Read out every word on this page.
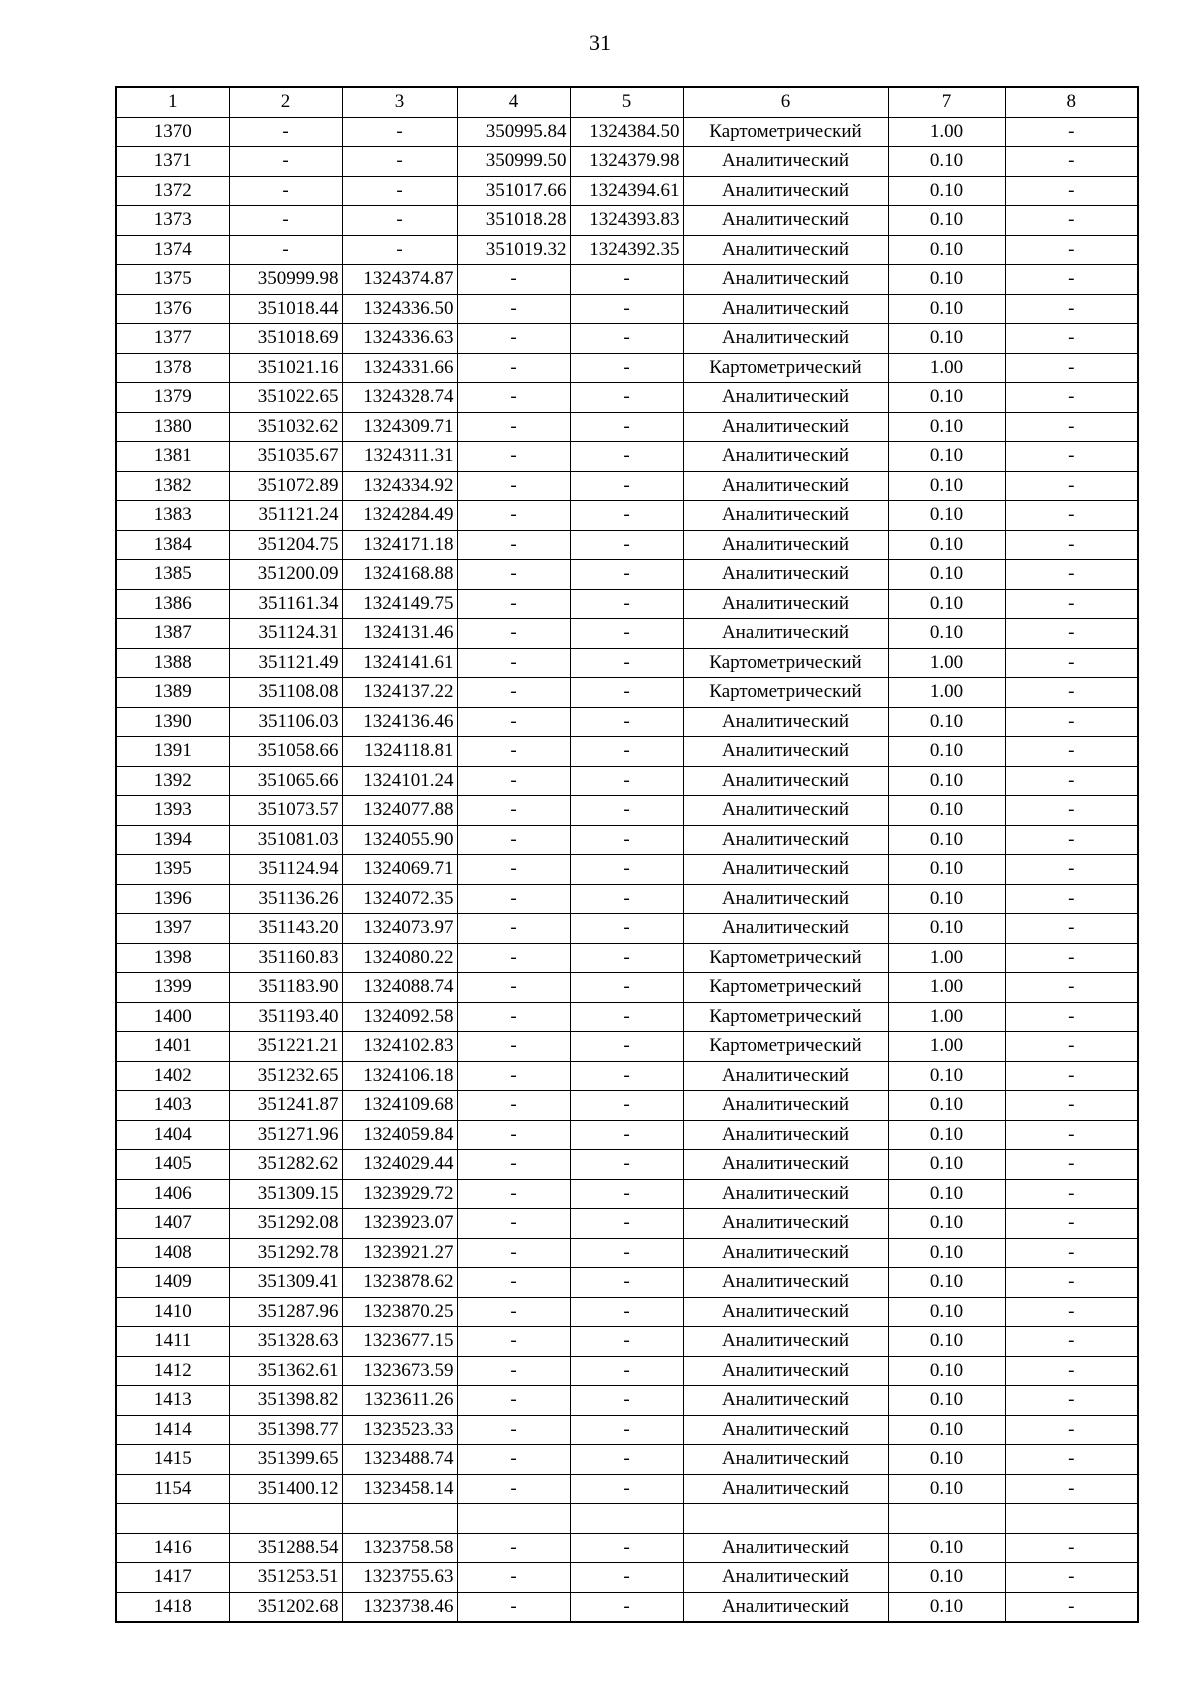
31
1	2	3	4	5	6	7	8
1370	-	-	350995.84	1324384.50	Картометрический	1.00	-
1371	-	-	350999.50	1324379.98	Аналитический	0.10	-
1372	-	-	351017.66	1324394.61	Аналитический	0.10	-
1373	-	-	351018.28	1324393.83	Аналитический	0.10	-
1374	-	-	351019.32	1324392.35	Аналитический	0.10	-
1375	350999.98	1324374.87	-	-	Аналитический	0.10	-
1376	351018.44	1324336.50	-	-	Аналитический	0.10	-
1377	351018.69	1324336.63	-	-	Аналитический	0.10	-
1378	351021.16	1324331.66	-	-	Картометрический	1.00	-
1379	351022.65	1324328.74	-	-	Аналитический	0.10	-
1380	351032.62	1324309.71	-	-	Аналитический	0.10	-
1381	351035.67	1324311.31	-	-	Аналитический	0.10	-
1382	351072.89	1324334.92	-	-	Аналитический	0.10	-
1383	351121.24	1324284.49	-	-	Аналитический	0.10	-
1384	351204.75	1324171.18	-	-	Аналитический	0.10	-
1385	351200.09	1324168.88	-	-	Аналитический	0.10	-
1386	351161.34	1324149.75	-	-	Аналитический	0.10	-
1387	351124.31	1324131.46	-	-	Аналитический	0.10	-
1388	351121.49	1324141.61	-	-	Картометрический	1.00	-
1389	351108.08	1324137.22	-	-	Картометрический	1.00	-
1390	351106.03	1324136.46	-	-	Аналитический	0.10	-
1391	351058.66	1324118.81	-	-	Аналитический	0.10	-
1392	351065.66	1324101.24	-	-	Аналитический	0.10	-
1393	351073.57	1324077.88	-	-	Аналитический	0.10	-
1394	351081.03	1324055.90	-	-	Аналитический	0.10	-
1395	351124.94	1324069.71	-	-	Аналитический	0.10	-
1396	351136.26	1324072.35	-	-	Аналитический	0.10	-
1397	351143.20	1324073.97	-	-	Аналитический	0.10	-
1398	351160.83	1324080.22	-	-	Картометрический	1.00	-
1399	351183.90	1324088.74	-	-	Картометрический	1.00	-
1400	351193.40	1324092.58	-	-	Картометрический	1.00	-
1401	351221.21	1324102.83	-	-	Картометрический	1.00	-
1402	351232.65	1324106.18	-	-	Аналитический	0.10	-
1403	351241.87	1324109.68	-	-	Аналитический	0.10	-
1404	351271.96	1324059.84	-	-	Аналитический	0.10	-
1405	351282.62	1324029.44	-	-	Аналитический	0.10	-
1406	351309.15	1323929.72	-	-	Аналитический	0.10	-
1407	351292.08	1323923.07	-	-	Аналитический	0.10	-
1408	351292.78	1323921.27	-	-	Аналитический	0.10	-
1409	351309.41	1323878.62	-	-	Аналитический	0.10	-
1410	351287.96	1323870.25	-	-	Аналитический	0.10	-
1411	351328.63	1323677.15	-	-	Аналитический	0.10	-
1412	351362.61	1323673.59	-	-	Аналитический	0.10	-
1413	351398.82	1323611.26	-	-	Аналитический	0.10	-
1414	351398.77	1323523.33	-	-	Аналитический	0.10	-
1415	351399.65	1323488.74	-	-	Аналитический	0.10	-
1154	351400.12	1323458.14	-	-	Аналитический	0.10	-

1416	351288.54	1323758.58	-	-	Аналитический	0.10	-
1417	351253.51	1323755.63	-	-	Аналитический	0.10	-
1418	351202.68	1323738.46	-	-	Аналитический	0.10	-
